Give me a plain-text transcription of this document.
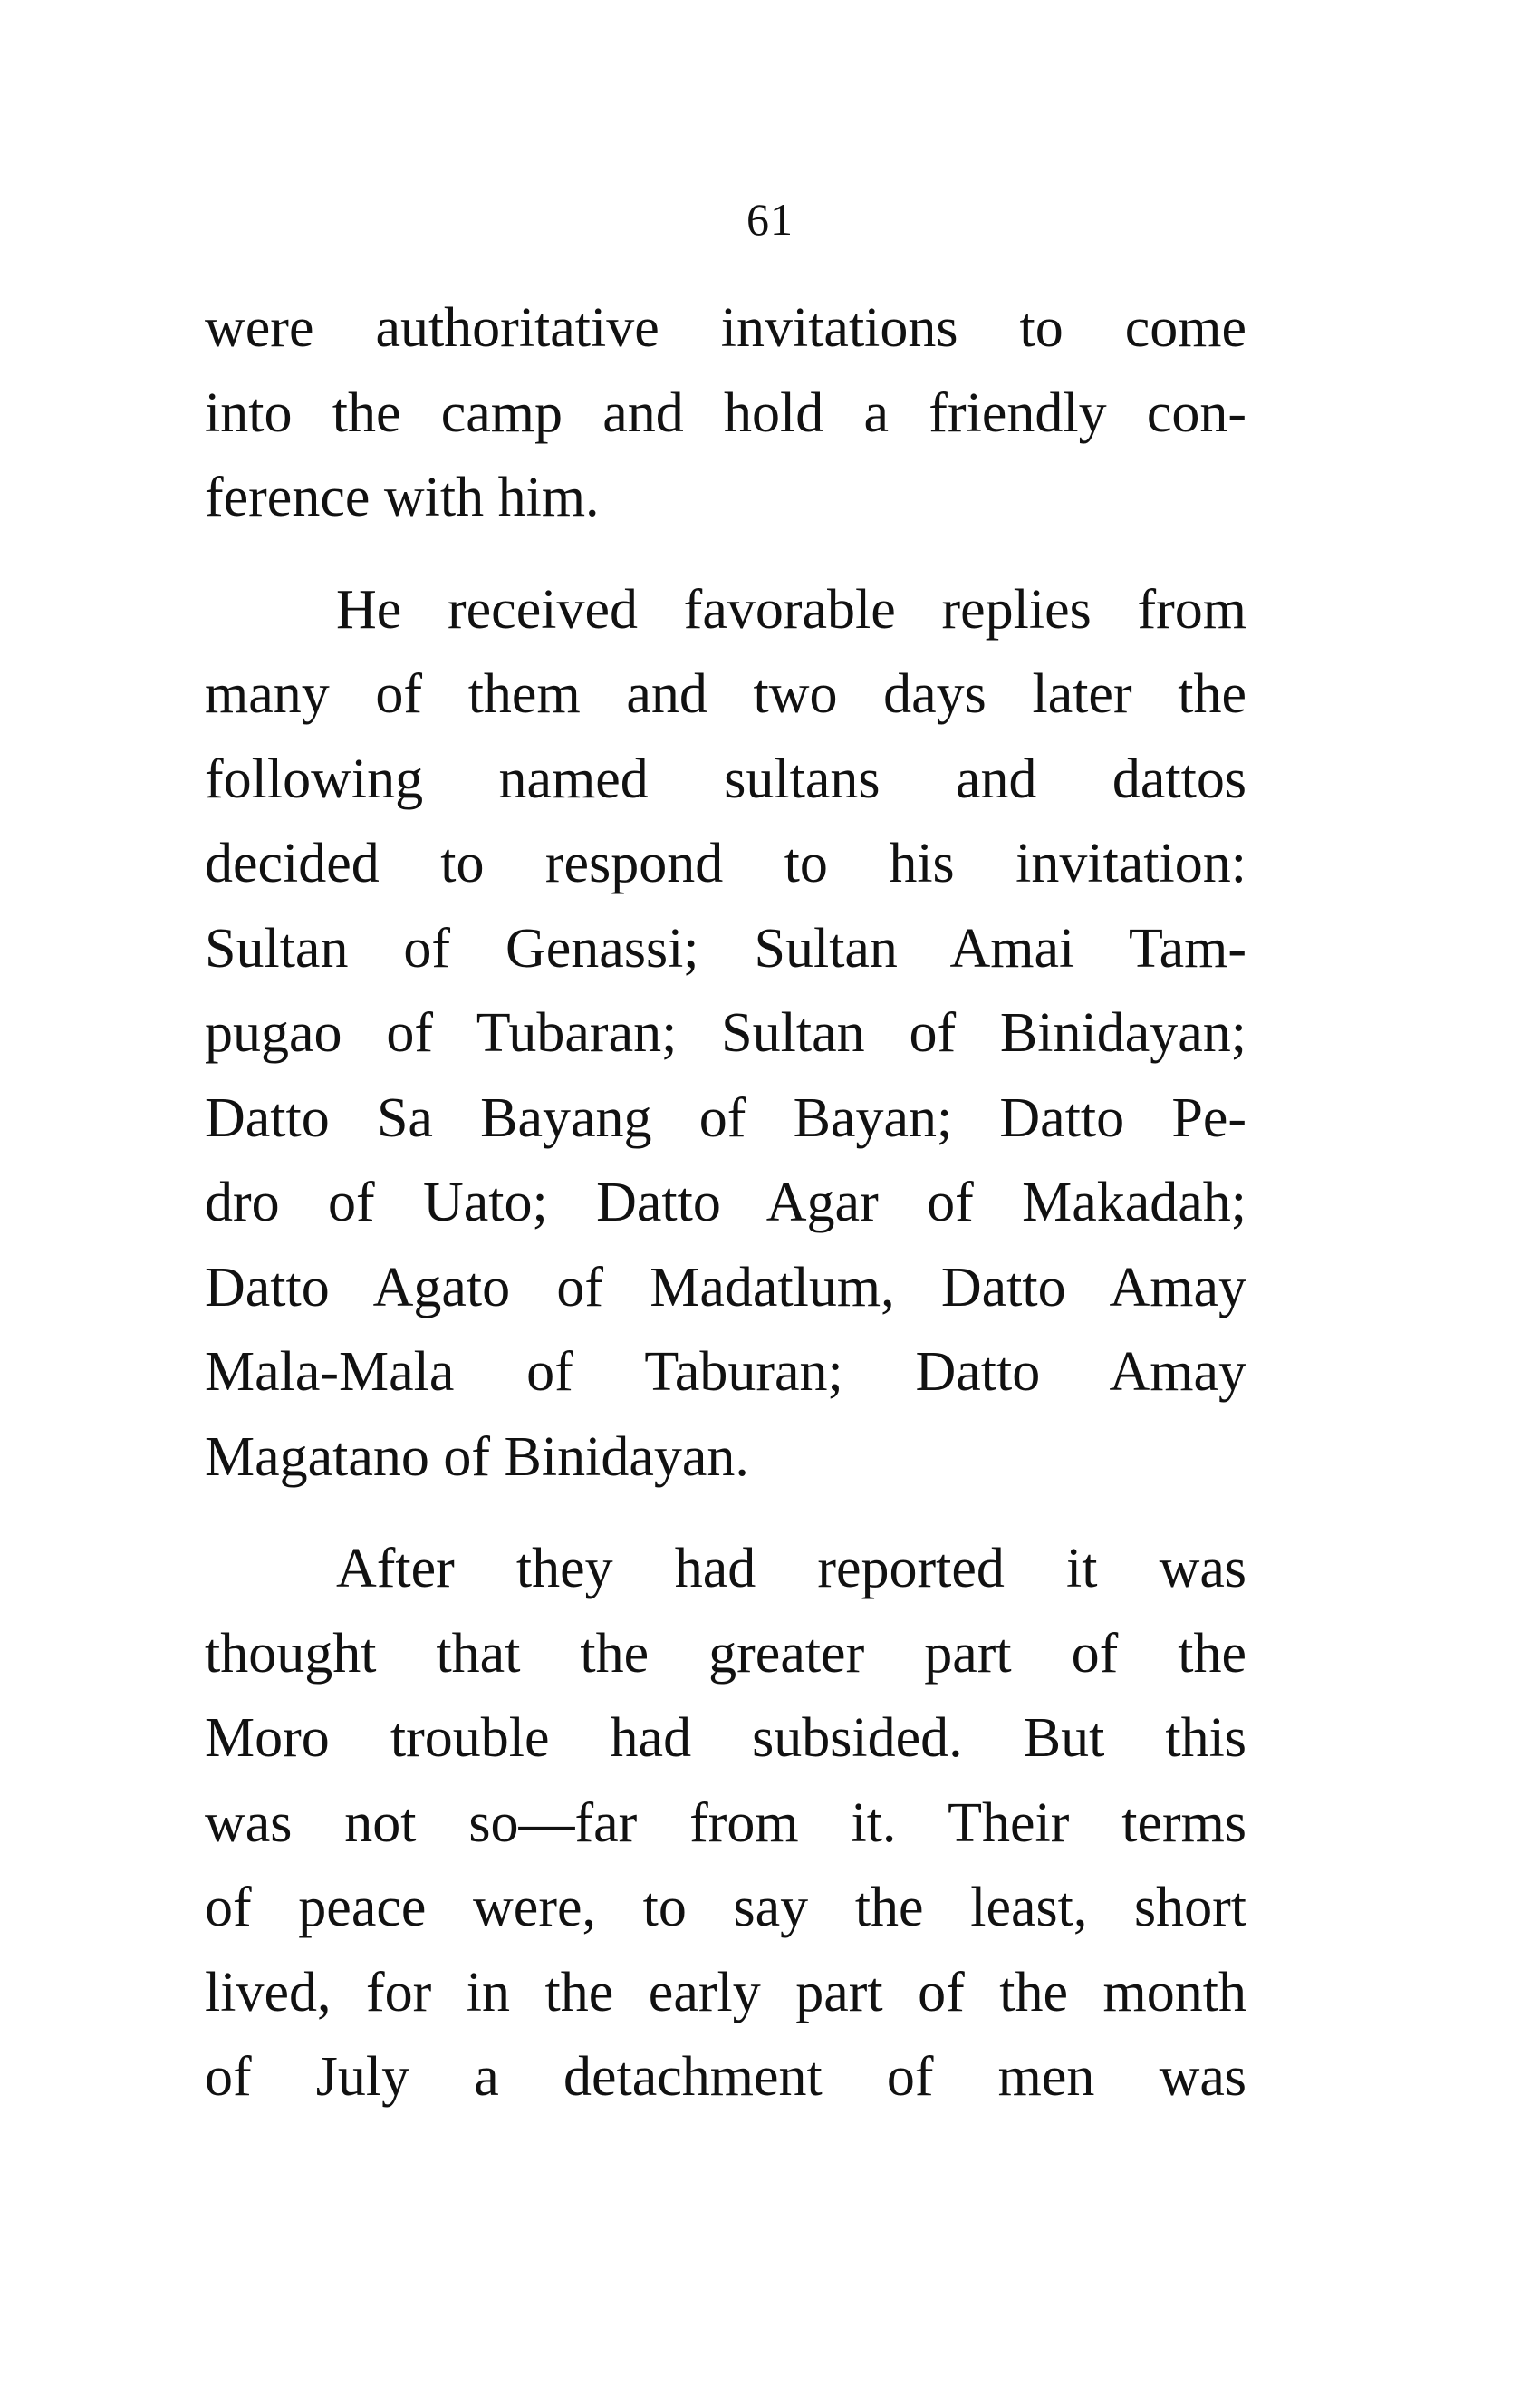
61
were authoritative invitations to come
into the camp and hold a friendly con-
ference with him.
He received favorable replies from
many of them and two days later the
following named sultans and dattos
decided to respond to his invitation:
Sultan of Genassi; Sultan Amai Tam-
pugao of Tubaran; Sultan of Binidayan;
Datto Sa Bayang of Bayan; Datto Pe-
dro of Uato; Datto Agar of Makadah;
Datto Agato of Madatlum, Datto Amay
Mala-Mala of Taburan; Datto Amay
Magatano of Binidayan.
After they had reported it was
thought that the greater part of the
Moro trouble had subsided. But this
was not so—far from it. Their terms
of peace were, to say the least, short
lived, for in the early part of the month
of July a detachment of men was
